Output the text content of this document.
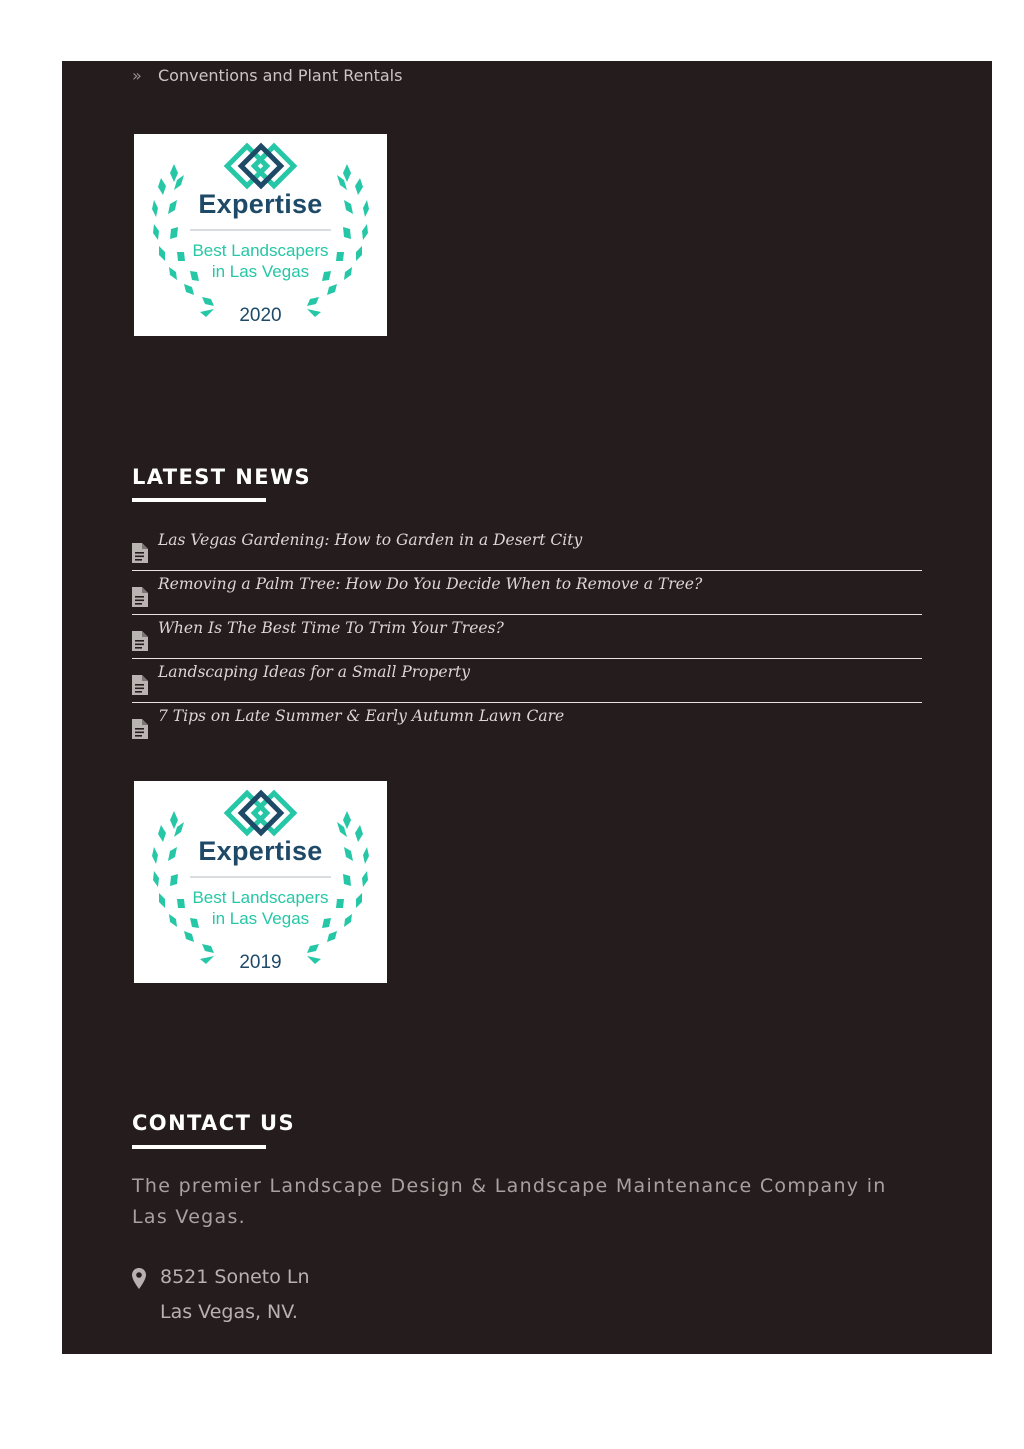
»	Conventions and Plant Rentals
Expertise
Best Landscapers
in Las Vegas
2020
LATEST NEWS
Las Vegas Gardening: How to Garden in a Desert City
Removing a Palm Tree: How Do You Decide When to Remove a Tree?
When Is The Best Time To Trim Your Trees?
Landscaping Ideas for a Small Property
7 Tips on Late Summer & Early Autumn Lawn Care
Expertise
Best Landscapers
in Las Vegas
2019
CONTACT US
The premier Landscape Design & Landscape Maintenance Company in Las Vegas.
8521 Soneto Ln
Las Vegas, NV.
